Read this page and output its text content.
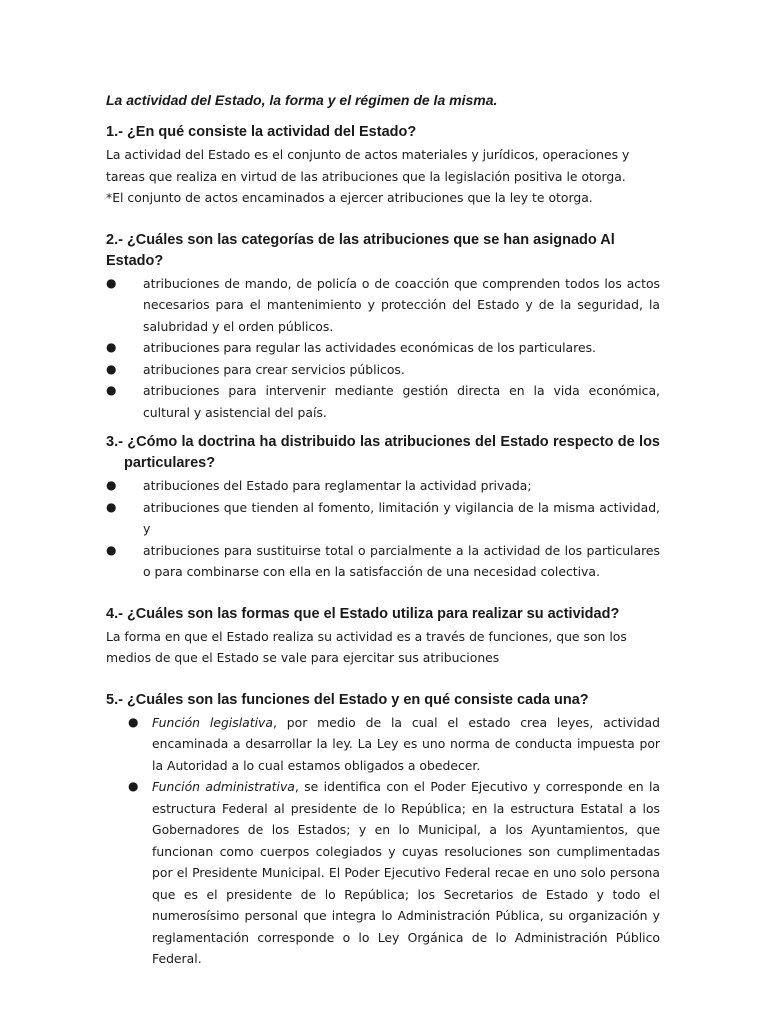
La actividad del Estado, la forma y el régimen de la misma.
1.- ¿En qué consiste la actividad del Estado?

La actividad del Estado es el conjunto de actos materiales y jurídicos, operaciones y tareas que realiza en virtud de las atribuciones que la legislación positiva le otorga.

*El conjunto de actos encaminados a ejercer atribuciones que la ley te otorga.

2.- ¿Cuáles son las categorías de las atribuciones que se han asignado Al Estado?
● atribuciones de mando, de policía o de coacción que comprenden todos los actos necesarios para el mantenimiento y protección del Estado y de la seguridad, la salubridad y el orden públicos.
● atribuciones para regular las actividades económicas de los particulares.
● atribuciones para crear servicios públicos.
● atribuciones para intervenir mediante gestión directa en la vida económica, cultural y asistencial del país.
3.- ¿Cómo la doctrina ha distribuido las atribuciones del Estado respecto de los particulares?
● atribuciones del Estado para reglamentar la actividad privada;
● atribuciones que tienden al fomento, limitación y vigilancia de la misma actividad, y
● atribuciones para sustituirse total o parcialmente a la actividad de los particulares o para combinarse con ella en la satisfacción de una necesidad colectiva.
4.- ¿Cuáles son las formas que el Estado utiliza para realizar su actividad?

La forma en que el Estado realiza su actividad es a través de funciones, que son los medios de que el Estado se vale para ejercitar sus atribuciones

5.- ¿Cuáles son las funciones del Estado y en qué consiste cada una?
● Función legislativa, por medio de la cual el estado crea leyes, actividad encaminada a desarrollar la ley. La Ley es uno norma de conducta impuesta por la Autoridad a lo cual estamos obligados a obedecer.
● Función administrativa, se identifica con el Poder Ejecutivo y corresponde en la estructura Federal al presidente de lo República; en la estructura Estatal a los Gobernadores de los Estados; y en lo Municipal, a los Ayuntamientos, que funcionan como cuerpos colegiados y cuyas resoluciones son cumplimentadas por el Presidente Municipal. El Poder Ejecutivo Federal recae en uno solo persona que es el presidente de lo República; los Secretarios de Estado y todo el numerosísimo personal que integra lo Administración Pública, su organización y reglamentación corresponde o lo Ley Orgánica de lo Administración Público Federal.
